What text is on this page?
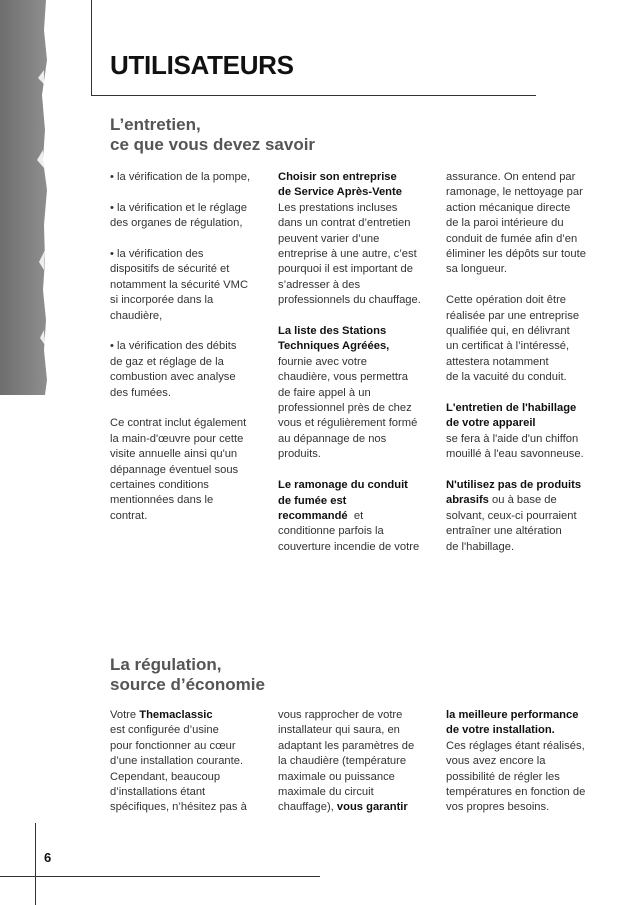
UTILISATEURS
L’entretien,
ce que vous devez savoir

• la vérification de la pompe,

• la vérification et le réglage
des organes de régulation,

• la vérification des
dispositifs de sécurité et
notamment la sécurité VMC
si incorporée dans la
chaudière,

• la vérification des débits
de gaz et réglage de la
combustion avec analyse
des fumées.

Ce contrat inclut également
la main-d'œuvre pour cette
visite annuelle ainsi qu'un
dépannage éventuel sous
certaines conditions
mentionnées dans le
contrat.

Choisir son entreprise
de Service Après-Vente
Les prestations incluses
dans un contrat d’entretien
peuvent varier d’une
entreprise à une autre, c’est
pourquoi il est important de
s’adresser à des
professionnels du chauffage.

La liste des Stations
Techniques Agréées,
fournie avec votre
chaudière, vous permettra
de faire appel à un
professionnel près de chez
vous et régulièrement formé
au dépannage de nos
produits.

Le ramonage du conduit
de fumée est
recommandé  et
conditionne parfois la
couverture incendie de votre

assurance. On entend par
ramonage, le nettoyage par
action mécanique directe
de la paroi intérieure du
conduit de fumée afin d’en
éliminer les dépôts sur toute
sa longueur.

Cette opération doit être
réalisée par une entreprise
qualifiée qui, en délivrant
un certificat à l’intéressé,
attestera notamment
de la vacuité du conduit.

L'entretien de l'habillage
de votre appareil
se fera à l'aide d'un chiffon
mouillé à l'eau savonneuse.

N'utilisez pas de produits
abrasifs ou à base de
solvant, ceux-ci pourraient
entraîner une altération
de l'habillage.

La régulation,
source d’économie

Votre Themaclassic
est configurée d’usine
pour fonctionner au cœur
d’une installation courante.
Cependant, beaucoup
d’installations étant
spécifiques, n’hésitez pas à

vous rapprocher de votre
installateur qui saura, en
adaptant les paramètres de
la chaudière (température
maximale ou puissance
maximale du circuit
chauffage), vous garantir

la meilleure performance
de votre installation.
Ces réglages étant réalisés,
vous avez encore la
possibilité de régler les
températures en fonction de
vos propres besoins.

6
